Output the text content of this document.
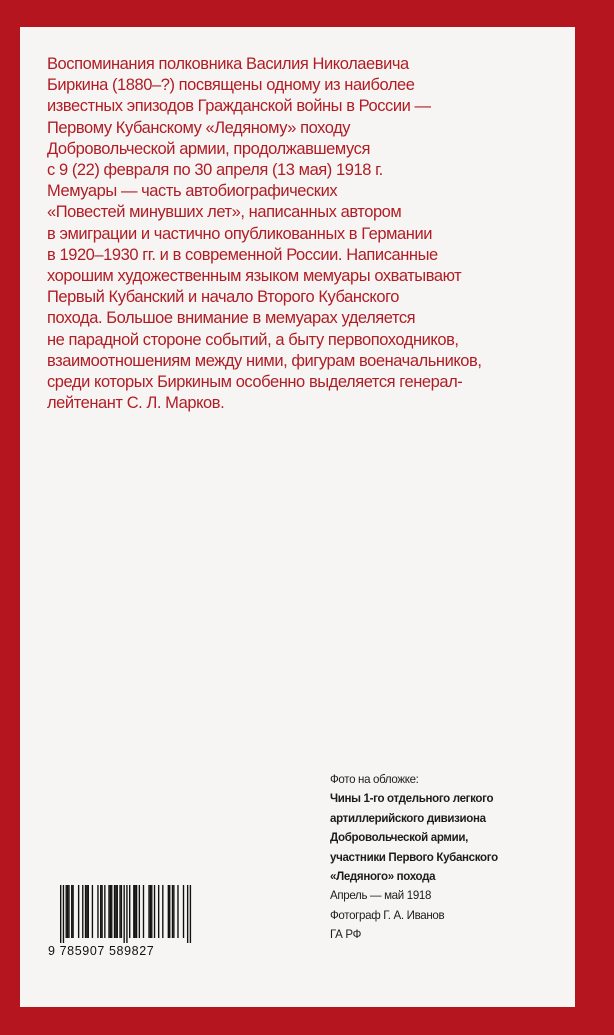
Воспоминания полковника Василия Николаевича
Биркина (1880–?) посвящены одному из наиболее
известных эпизодов Гражданской войны в России —
Первому Кубанскому «Ледяному» походу
Добровольческой армии, продолжавшемуся
с 9 (22) февраля по 30 апреля (13 мая) 1918 г.
Мемуары — часть автобиографических
«Повестей минувших лет», написанных автором
в эмиграции и частично опубликованных в Германии
в 1920–1930 гг. и в современной России. Написанные
хорошим художественным языком мемуары охватывают
Первый Кубанский и начало Второго Кубанского
похода. Большое внимание в мемуарах уделяется
не парадной стороне событий, а быту первопоходников,
взаимоотношениям между ними, фигурам военачальников,
среди которых Биркиным особенно выделяется генерал-
лейтенант С. Л. Марков.
9 785907 589827
Фото на обложке:
Чины 1-го отдельного легкого
артиллерийского дивизиона
Добровольческой армии,
участники Первого Кубанского
«Ледяного» похода
Апрель — май 1918
Фотограф Г. А. Иванов
ГА РФ
